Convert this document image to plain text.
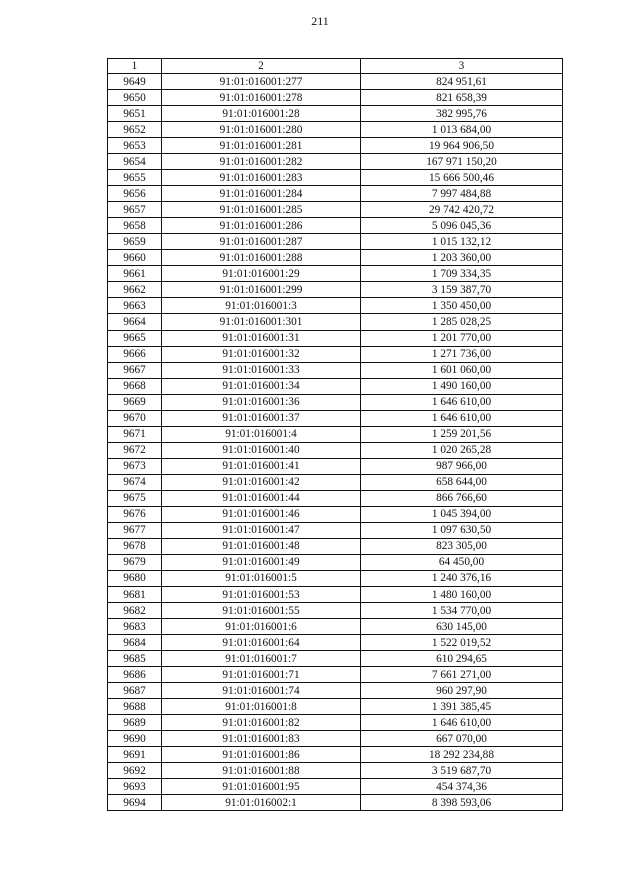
211
1	2	3
9649	91:01:016001:277	824 951,61
9650	91:01:016001:278	821 658,39
9651	91:01:016001:28	382 995,76
9652	91:01:016001:280	1 013 684,00
9653	91:01:016001:281	19 964 906,50
9654	91:01:016001:282	167 971 150,20
9655	91:01:016001:283	15 666 500,46
9656	91:01:016001:284	7 997 484,88
9657	91:01:016001:285	29 742 420,72
9658	91:01:016001:286	5 096 045,36
9659	91:01:016001:287	1 015 132,12
9660	91:01:016001:288	1 203 360,00
9661	91:01:016001:29	1 709 334,35
9662	91:01:016001:299	3 159 387,70
9663	91:01:016001:3	1 350 450,00
9664	91:01:016001:301	1 285 028,25
9665	91:01:016001:31	1 201 770,00
9666	91:01:016001:32	1 271 736,00
9667	91:01:016001:33	1 601 060,00
9668	91:01:016001:34	1 490 160,00
9669	91:01:016001:36	1 646 610,00
9670	91:01:016001:37	1 646 610,00
9671	91:01:016001:4	1 259 201,56
9672	91:01:016001:40	1 020 265,28
9673	91:01:016001:41	987 966,00
9674	91:01:016001:42	658 644,00
9675	91:01:016001:44	866 766,60
9676	91:01:016001:46	1 045 394,00
9677	91:01:016001:47	1 097 630,50
9678	91:01:016001:48	823 305,00
9679	91:01:016001:49	64 450,00
9680	91:01:016001:5	1 240 376,16
9681	91:01:016001:53	1 480 160,00
9682	91:01:016001:55	1 534 770,00
9683	91:01:016001:6	630 145,00
9684	91:01:016001:64	1 522 019,52
9685	91:01:016001:7	610 294,65
9686	91:01:016001:71	7 661 271,00
9687	91:01:016001:74	960 297,90
9688	91:01:016001:8	1 391 385,45
9689	91:01:016001:82	1 646 610,00
9690	91:01:016001:83	667 070,00
9691	91:01:016001:86	18 292 234,88
9692	91:01:016001:88	3 519 687,70
9693	91:01:016001:95	454 374,36
9694	91:01:016002:1	8 398 593,06
